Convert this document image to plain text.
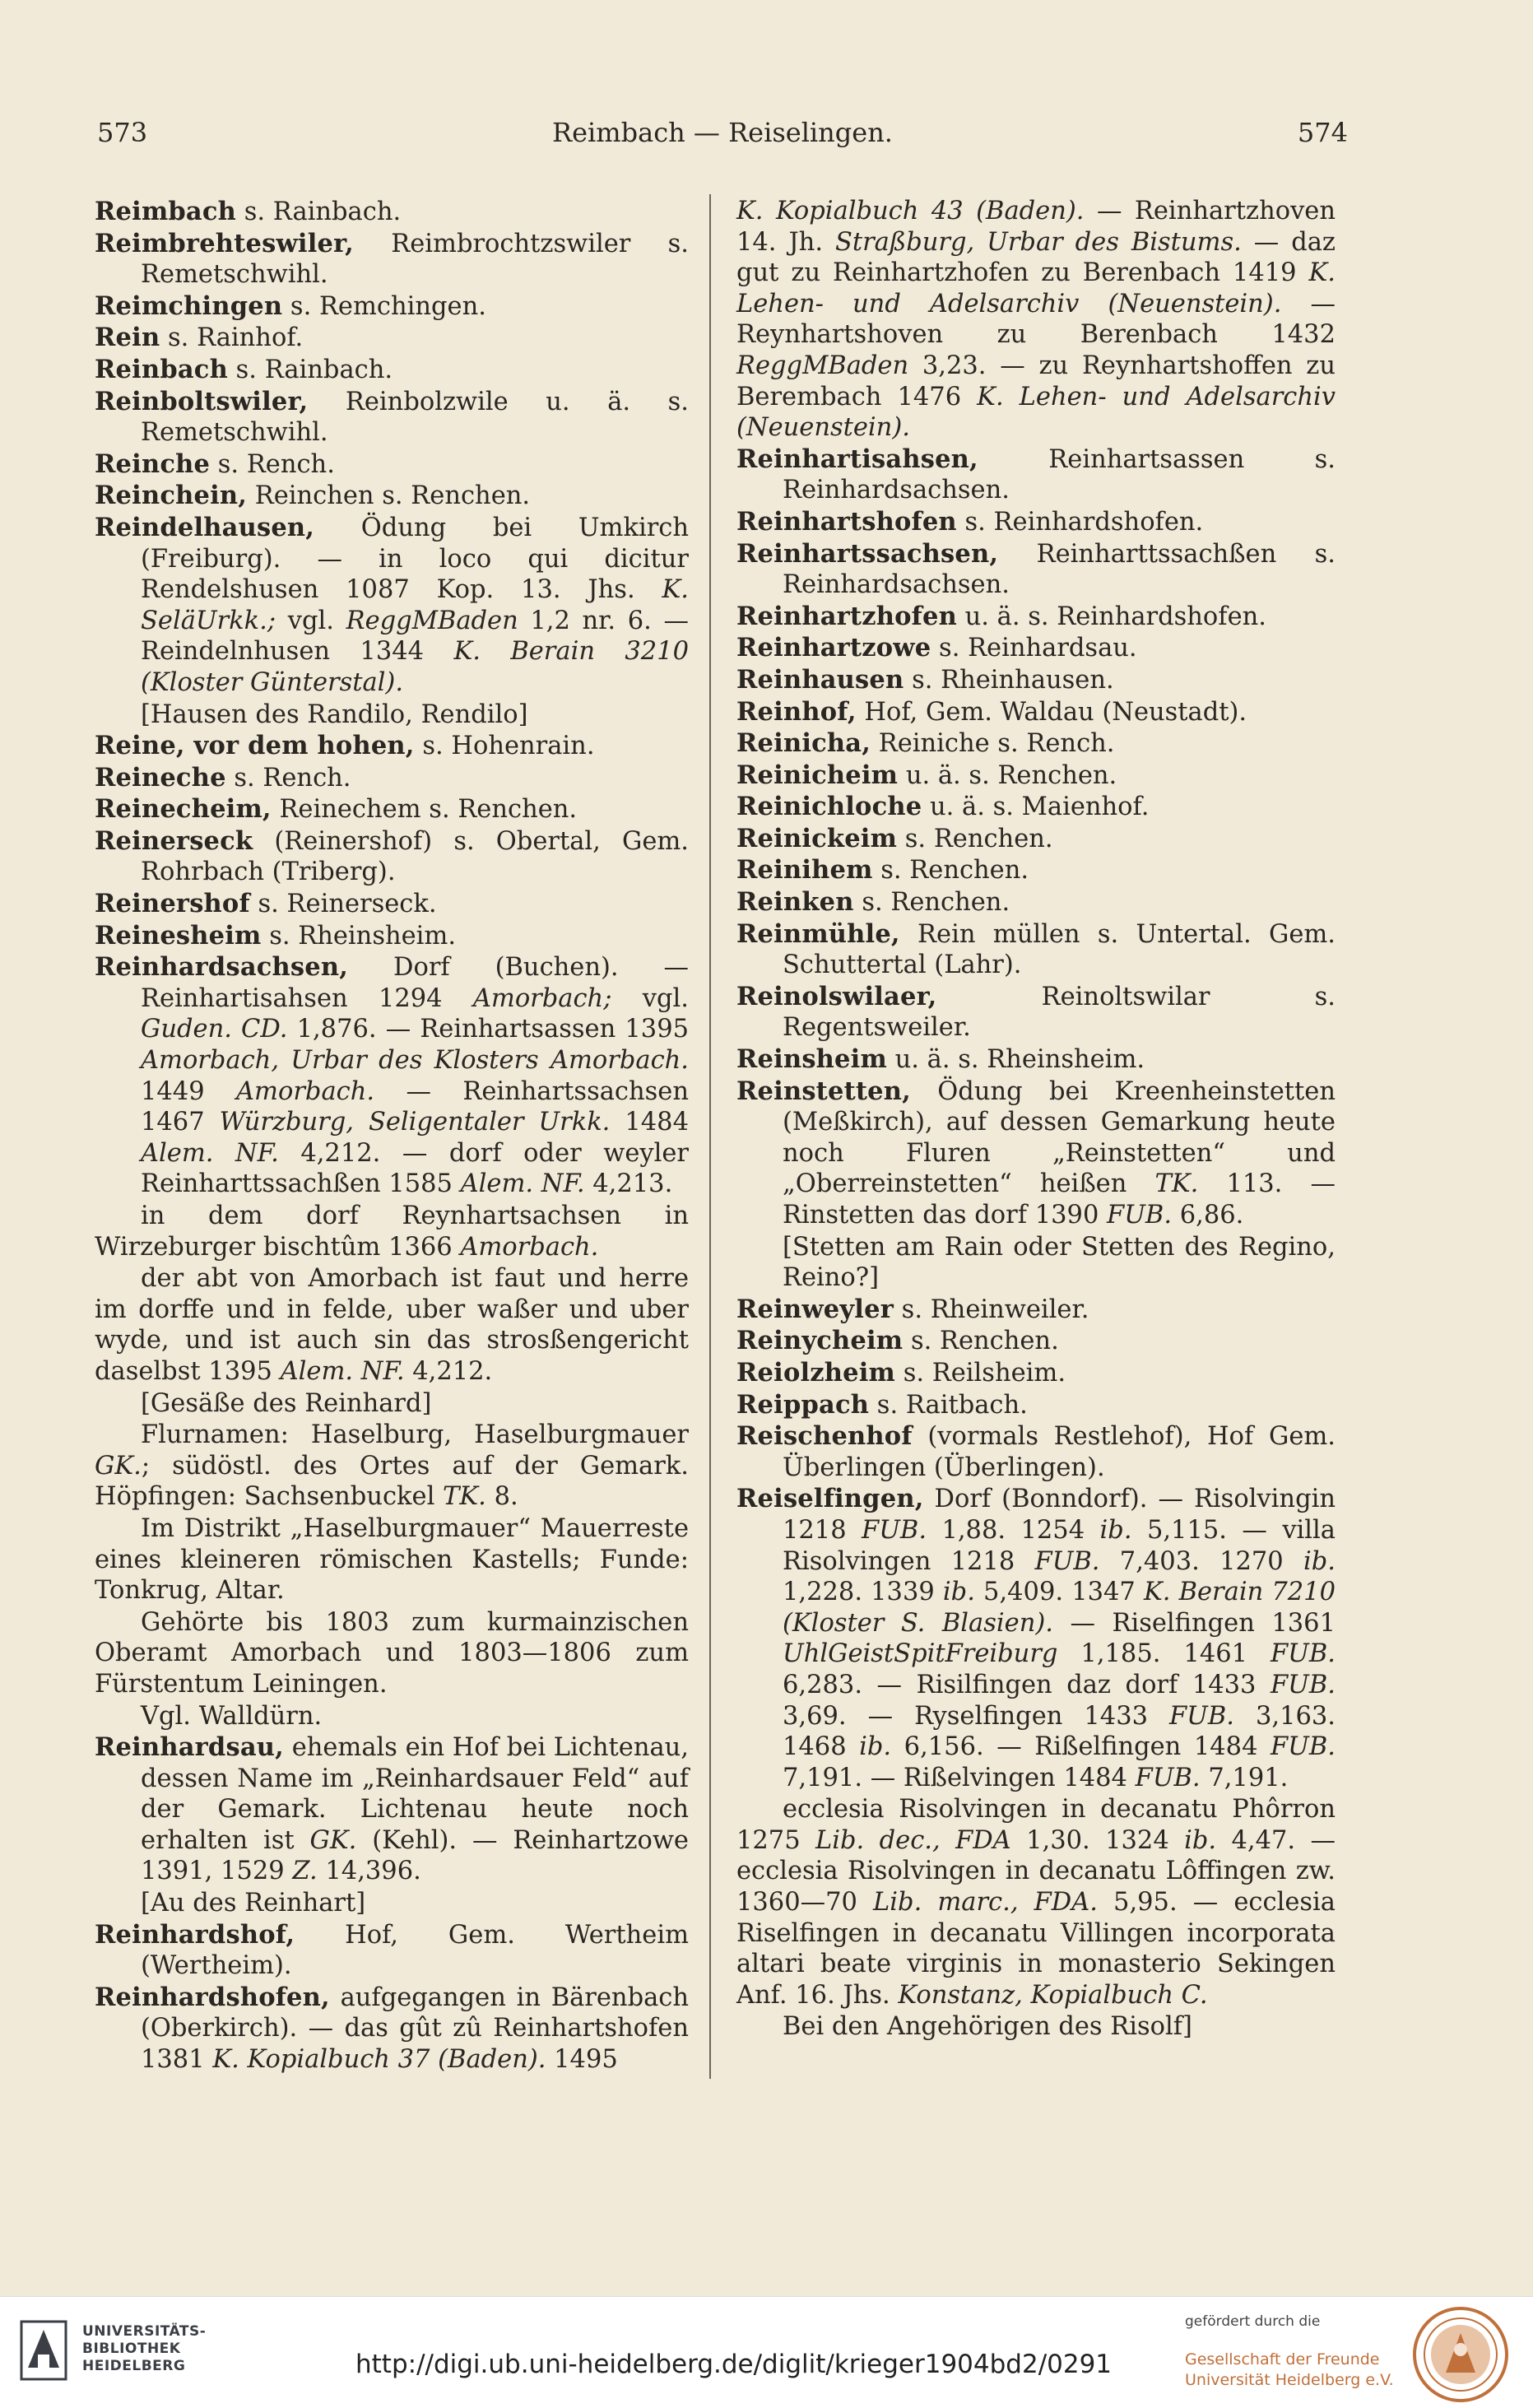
573	Reimbach — Reiselingen.	574

Reimbach s. Rainbach.

Reimbrehteswiler, Reimbrochtzswiler s. Remetschwihl.

Reimchingen s. Remchingen.

Rein s. Rainhof.

Reinbach s. Rainbach.

Reinboltswiler, Reinbolzwile u. ä. s. Remetschwihl.

Reinche s. Rench.

Reinchein, Reinchen s. Renchen.

Reindelhausen, Ödung bei Umkirch (Freiburg). — in loco qui dicitur Rendelshusen 1087 Kop. 13. Jhs. K. SeläUrkk.; vgl. ReggMBaden 1,2 nr. 6. — Reindelnhusen 1344 K. Berain 3210 (Kloster Günterstal).

[Hausen des Randilo, Rendilo]

Reine, vor dem hohen, s. Hohenrain.

Reineche s. Rench.

Reinecheim, Reinechem s. Renchen.

Reinerseck (Reinershof) s. Obertal, Gem. Rohrbach (Triberg).

Reinershof s. Reinerseck.

Reinesheim s. Rheinsheim.

Reinhardsachsen, Dorf (Buchen). — Reinhartisahsen 1294 Amorbach; vgl. Guden. CD. 1,876. — Reinhartsassen 1395 Amorbach, Urbar des Klosters Amorbach. 1449 Amorbach. — Reinhartssachsen 1467 Würzburg, Seligentaler Urkk. 1484 Alem. NF. 4,212. — dorf oder weyler Reinharttssachßen 1585 Alem. NF. 4,213.

in dem dorf Reynhartsachsen in Wirzeburger bischtûm 1366 Amorbach.

der abt von Amorbach ist faut und herre im dorffe und in felde, uber waßer und uber wyde, und ist auch sin das strosßengericht daselbst 1395 Alem. NF. 4,212.

[Gesäße des Reinhard]

Flurnamen: Haselburg, Haselburgmauer GK.; südöstl. des Ortes auf der Gemark. Höpfingen: Sachsenbuckel TK. 8.

Im Distrikt „Haselburgmauer“ Mauerreste eines kleineren römischen Kastells; Funde: Tonkrug, Altar.

Gehörte bis 1803 zum kurmainzischen Oberamt Amorbach und 1803—1806 zum Fürstentum Leiningen.

Vgl. Walldürn.

Reinhardsau, ehemals ein Hof bei Lichtenau, dessen Name im „Reinhardsauer Feld“ auf der Gemark. Lichtenau heute noch erhalten ist GK. (Kehl). — Reinhartzowe 1391, 1529 Z. 14,396.

[Au des Reinhart]

Reinhardshof, Hof, Gem. Wertheim (Wertheim).

Reinhardshofen, aufgegangen in Bärenbach (Oberkirch). — das gût zû Reinhartshofen 1381 K. Kopialbuch 37 (Baden). 1495

K. Kopialbuch 43 (Baden). — Reinhartzhoven 14. Jh. Straßburg, Urbar des Bistums. — daz gut zu Reinhartzhofen zu Berenbach 1419 K. Lehen- und Adelsarchiv (Neuenstein). — Reynhartshoven zu Berenbach 1432 ReggMBaden 3,23. — zu Reynhartshoffen zu Berembach 1476 K. Lehen- und Adelsarchiv (Neuenstein).

Reinhartisahsen, Reinhartsassen s. Reinhardsachsen.

Reinhartshofen s. Reinhardshofen.

Reinhartssachsen, Reinharttssachßen s. Reinhardsachsen.

Reinhartzhofen u. ä. s. Reinhardshofen.

Reinhartzowe s. Reinhardsau.

Reinhausen s. Rheinhausen.

Reinhof, Hof, Gem. Waldau (Neustadt).

Reinicha, Reiniche s. Rench.

Reinicheim u. ä. s. Renchen.

Reinichloche u. ä. s. Maienhof.

Reinickeim s. Renchen.

Reinihem s. Renchen.

Reinken s. Renchen.

Reinmühle, Rein müllen s. Untertal. Gem. Schuttertal (Lahr).

Reinolswilaer, Reinoltswilar s. Regentsweiler.

Reinsheim u. ä. s. Rheinsheim.

Reinstetten, Ödung bei Kreenheinstetten (Meßkirch), auf dessen Gemarkung heute noch Fluren „Reinstetten“ und „Oberreinstetten“ heißen TK. 113. — Rinstetten das dorf 1390 FUB. 6,86.

[Stetten am Rain oder Stetten des Regino, Reino?]

Reinweyler s. Rheinweiler.

Reinycheim s. Renchen.

Reiolzheim s. Reilsheim.

Reippach s. Raitbach.

Reischenhof (vormals Restlehof), Hof Gem. Überlingen (Überlingen).

Reiselfingen, Dorf (Bonndorf). — Risolvingin 1218 FUB. 1,88. 1254 ib. 5,115. — villa Risolvingen 1218 FUB. 7,403. 1270 ib. 1,228. 1339 ib. 5,409. 1347 K. Berain 7210 (Kloster S. Blasien). — Riselfingen 1361 UhlGeistSpitFreiburg 1,185. 1461 FUB. 6,283. — Risilfingen daz dorf 1433 FUB. 3,69. — Ryselfingen 1433 FUB. 3,163. 1468 ib. 6,156. — Rißelfingen 1484 FUB. 7,191. — Rißelvingen 1484 FUB. 7,191.

ecclesia Risolvingen in decanatu Phôrron 1275 Lib. dec., FDA 1,30. 1324 ib. 4,47. — ecclesia Risolvingen in decanatu Lôffingen zw. 1360—70 Lib. marc., FDA. 5,95. — ecclesia Riselfingen in decanatu Villingen incorporata altari beate virginis in monasterio Sekingen Anf. 16. Jhs. Konstanz, Kopialbuch C.

Bei den Angehörigen des Risolf]

UNIVERSITÄTS-
BIBLIOTHEK
HEIDELBERG	http://digi.ub.uni-heidelberg.de/diglit/krieger1904bd2/0291
gefördert durch die
Gesellschaft der Freunde
Universität Heidelberg e.V.
